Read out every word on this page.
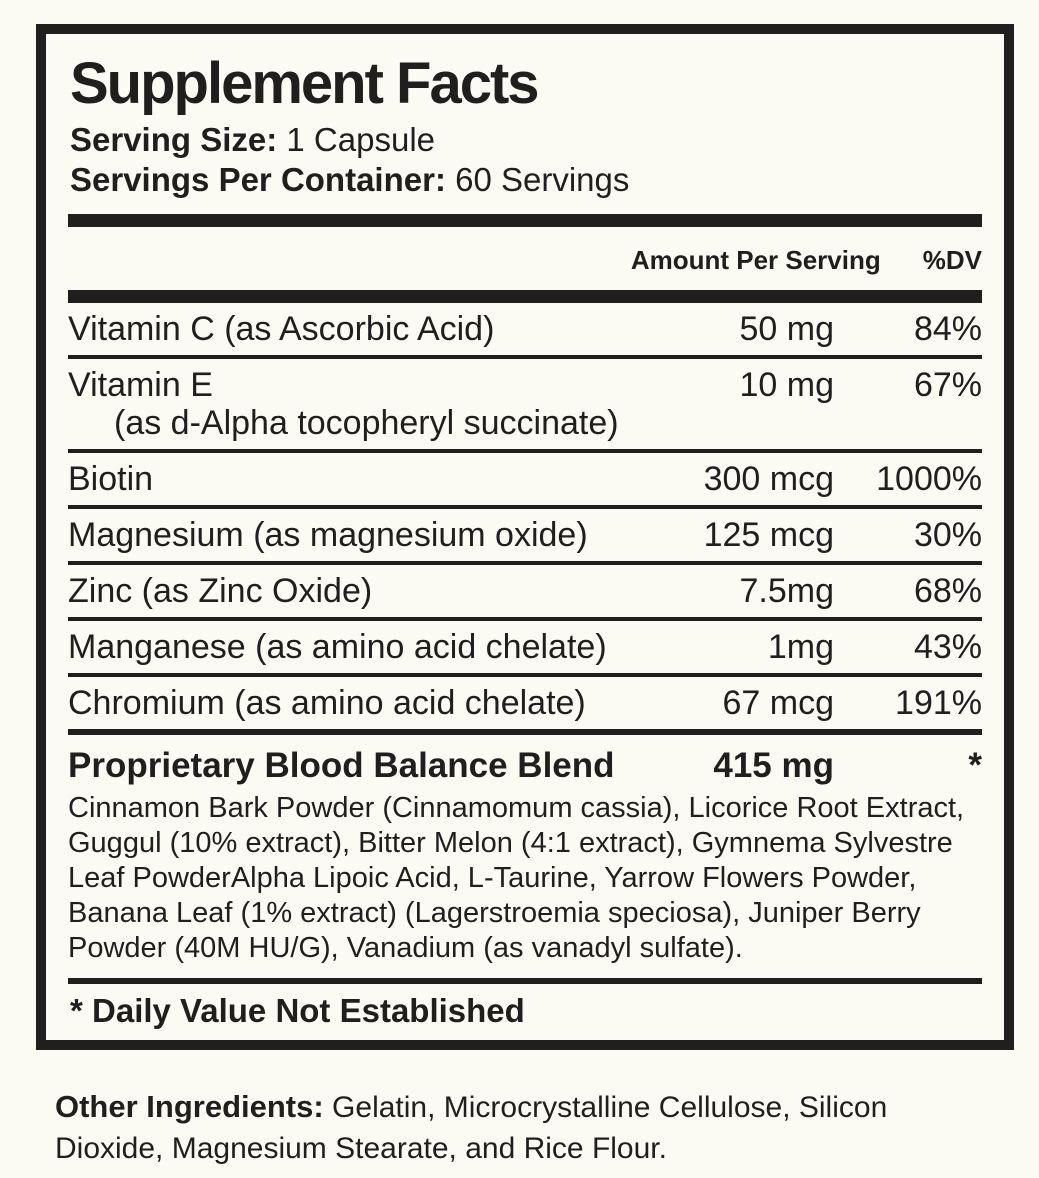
Supplement Facts
Serving Size: 1 Capsule
Servings Per Container: 60 Servings
Amount Per Serving %DV
Vitamin C (as Ascorbic Acid)	50 mg	84%
Vitamin E
(as d-Alpha tocopheryl succinate)
10 mg	67%
Biotin	300 mcg	1000%
Magnesium (as magnesium oxide)	125 mcg	30%
Zinc (as Zinc Oxide)	7.5mg	68%
Manganese (as amino acid chelate)	1mg	43%
Chromium (as amino acid chelate)	67 mcg	191%
Proprietary Blood Balance Blend	415 mg	*
Cinnamon Bark Powder (Cinnamomum cassia), Licorice Root Extract, Guggul (10% extract), Bitter Melon (4:1 extract), Gymnema Sylvestre Leaf PowderAlpha Lipoic Acid, L-Taurine, Yarrow Flowers Powder, Banana Leaf (1% extract) (Lagerstroemia speciosa), Juniper Berry Powder (40M HU/G), Vanadium (as vanadyl sulfate).
* Daily Value Not Established
Other Ingredients: Gelatin, Microcrystalline Cellulose, Silicon Dioxide, Magnesium Stearate, and Rice Flour.
